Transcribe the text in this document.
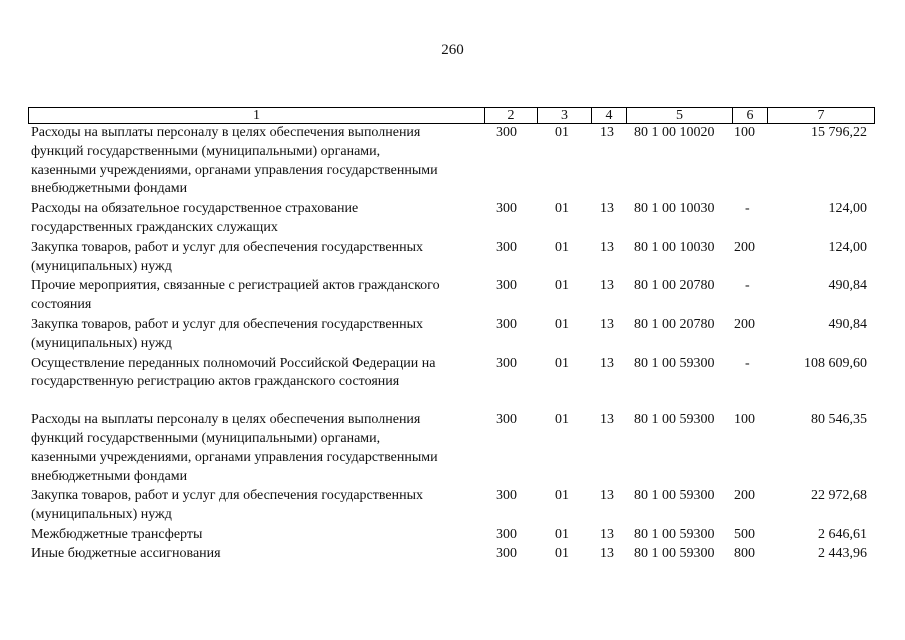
260
1	2	3	4	5	6	7
Расходы на выплаты персоналу в целях обеспечения выполнения
функций государственными (муниципальными) органами,
казенными учреждениями, органами управления государственными
внебюджетными фондами
300	01	13	80 1 00 10020	100	15 796,22
Расходы на обязательное государственное страхование
государственных гражданских служащих
300	01	13	80 1 00 10030	-	124,00
Закупка товаров, работ и услуг для обеспечения государственных
(муниципальных) нужд
300	01	13	80 1 00 10030	200	124,00
Прочие мероприятия, связанные с регистрацией актов гражданского
состояния
300	01	13	80 1 00 20780	-	490,84
Закупка товаров, работ и услуг для обеспечения государственных
(муниципальных) нужд
300	01	13	80 1 00 20780	200	490,84
Осуществление переданных полномочий Российской Федерации на
государственную регистрацию актов гражданского состояния
300	01	13	80 1 00 59300	-	108 609,60
Расходы на выплаты персоналу в целях обеспечения выполнения
функций государственными (муниципальными) органами,
казенными учреждениями, органами управления государственными
внебюджетными фондами
300	01	13	80 1 00 59300	100	80 546,35
Закупка товаров, работ и услуг для обеспечения государственных
(муниципальных) нужд
300	01	13	80 1 00 59300	200	22 972,68
Межбюджетные трансферты	300	01	13	80 1 00 59300	500	2 646,61
Иные бюджетные ассигнования	300	01	13	80 1 00 59300	800	2 443,96
